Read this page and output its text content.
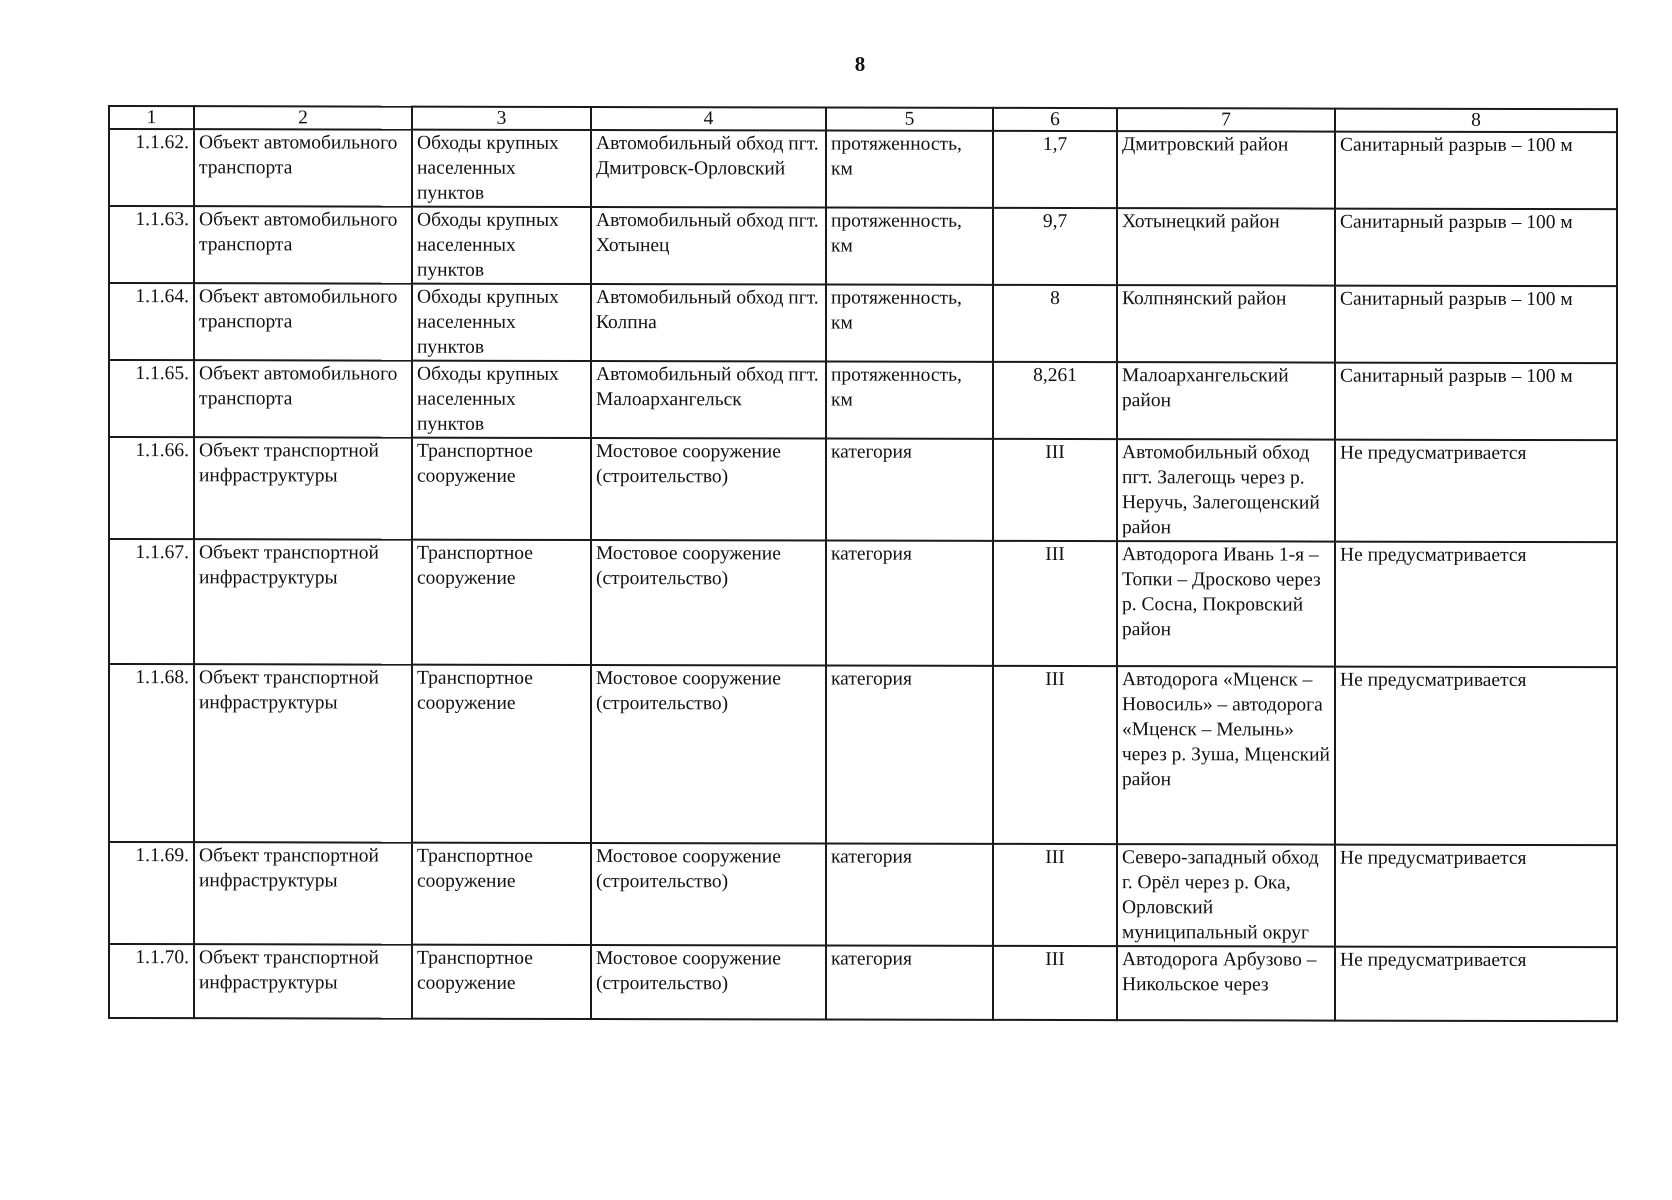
8
1	2	3	4	5	6	7	8
1.1.62.	Объект автомобильного транспорта	Обходы крупных населенных пунктов	Автомобильный обход пгт. Дмитровск-Орловский	протяженность, км	1,7	Дмитровский район	Санитарный разрыв – 100 м
1.1.63.	Объект автомобильного транспорта	Обходы крупных населенных пунктов	Автомобильный обход пгт. Хотынец	протяженность, км	9,7	Хотынецкий район	Санитарный разрыв – 100 м
1.1.64.	Объект автомобильного транспорта	Обходы крупных населенных пунктов	Автомобильный обход пгт. Колпна	протяженность, км	8	Колпнянский район	Санитарный разрыв – 100 м
1.1.65.	Объект автомобильного транспорта	Обходы крупных населенных пунктов	Автомобильный обход пгт. Малоархангельск	протяженность, км	8,261	Малоархангельский район	Санитарный разрыв – 100 м
1.1.66.	Объект транспортной инфраструктуры	Транспортное сооружение	Мостовое сооружение (строительство)	категория	III	Автомобильный обход пгт. Залегощь через р. Неручь, Залегощенский район	Не предусматривается
1.1.67.	Объект транспортной инфраструктуры	Транспортное сооружение	Мостовое сооружение (строительство)	категория	III	Автодорога Ивань 1-я – Топки – Дросково через р. Сосна, Покровский район	Не предусматривается
1.1.68.	Объект транспортной инфраструктуры	Транспортное сооружение	Мостовое сооружение (строительство)	категория	III	Автодорога «Мценск – Новосиль» – автодорога «Мценск – Мелынь» через р. Зуша, Мценский район	Не предусматривается
1.1.69.	Объект транспортной инфраструктуры	Транспортное сооружение	Мостовое сооружение (строительство)	категория	III	Северо-западный обход г. Орёл через р. Ока, Орловский муниципальный округ	Не предусматривается
1.1.70.	Объект транспортной инфраструктуры	Транспортное сооружение	Мостовое сооружение (строительство)	категория	III	Автодорога Арбузово – Никольское через	Не предусматривается
